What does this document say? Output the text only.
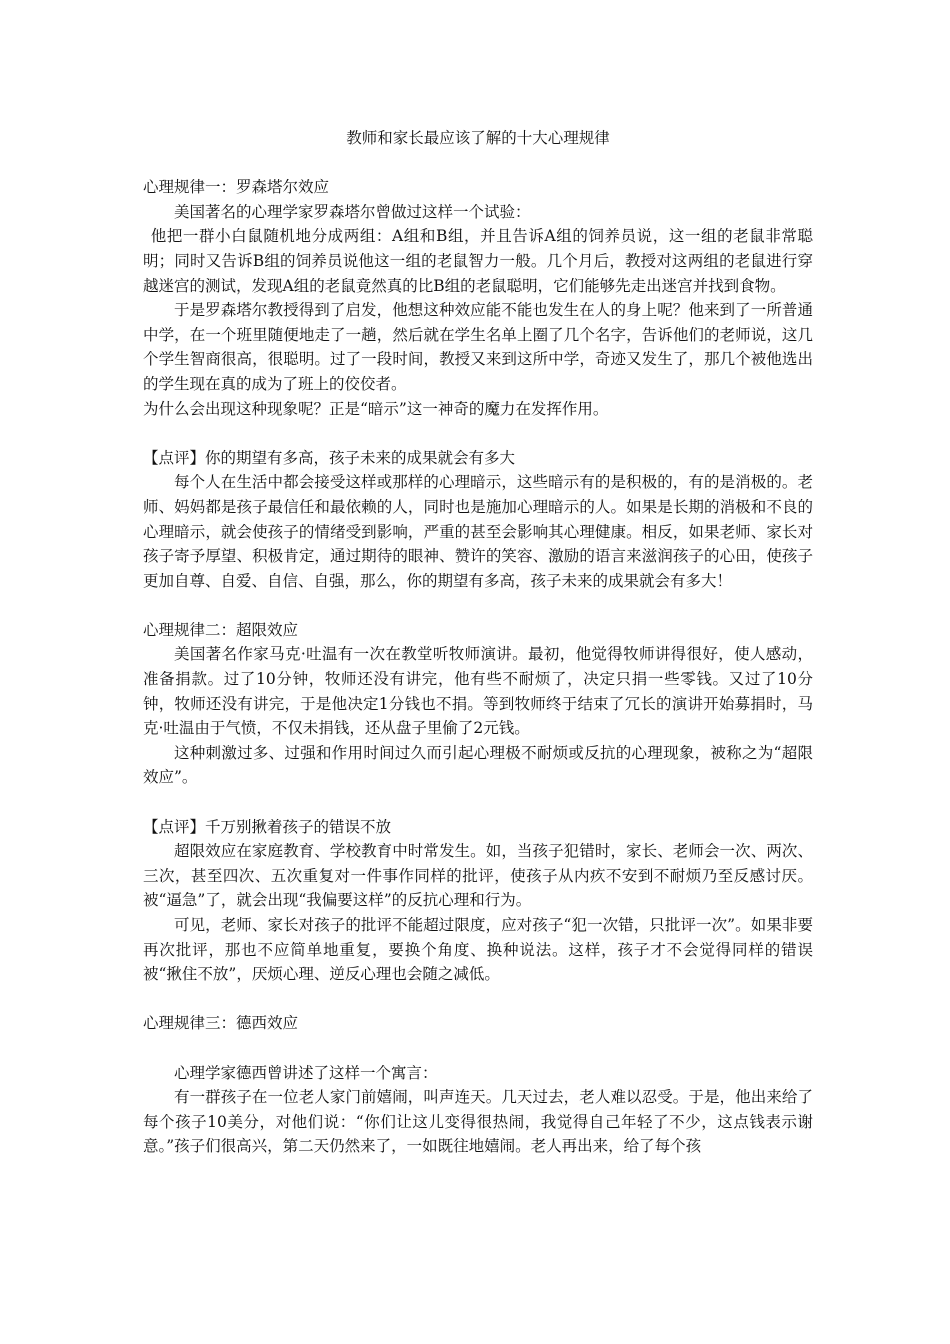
教师和家长最应该了解的十大心理规律

心理规律一：罗森塔尔效应

美国著名的心理学家罗森塔尔曾做过这样一个试验：

他把一群小白鼠随机地分成两组：A组和B组，并且告诉A组的饲养员说，这一组的老鼠非常聪明；同时又告诉B组的饲养员说他这一组的老鼠智力一般。几个月后，教授对这两组的老鼠进行穿越迷宫的测试，发现A组的老鼠竟然真的比B组的老鼠聪明，它们能够先走出迷宫并找到食物。

于是罗森塔尔教授得到了启发，他想这种效应能不能也发生在人的身上呢？他来到了一所普通中学，在一个班里随便地走了一趟，然后就在学生名单上圈了几个名字，告诉他们的老师说，这几个学生智商很高，很聪明。过了一段时间，教授又来到这所中学，奇迹又发生了，那几个被他选出的学生现在真的成为了班上的佼佼者。

为什么会出现这种现象呢？正是“暗示”这一神奇的魔力在发挥作用。

【点评】你的期望有多高，孩子未来的成果就会有多大

每个人在生活中都会接受这样或那样的心理暗示，这些暗示有的是积极的，有的是消极的。老师、妈妈都是孩子最信任和最依赖的人，同时也是施加心理暗示的人。如果是长期的消极和不良的心理暗示，就会使孩子的情绪受到影响，严重的甚至会影响其心理健康。相反，如果老师、家长对孩子寄予厚望、积极肯定，通过期待的眼神、赞许的笑容、激励的语言来滋润孩子的心田，使孩子更加自尊、自爱、自信、自强，那么，你的期望有多高，孩子未来的成果就会有多大！

心理规律二：超限效应

美国著名作家马克·吐温有一次在教堂听牧师演讲。最初，他觉得牧师讲得很好，使人感动，准备捐款。过了10分钟，牧师还没有讲完，他有些不耐烦了，决定只捐一些零钱。又过了10分钟，牧师还没有讲完，于是他决定1分钱也不捐。等到牧师终于结束了冗长的演讲开始募捐时，马克·吐温由于气愤，不仅未捐钱，还从盘子里偷了2元钱。

这种刺激过多、过强和作用时间过久而引起心理极不耐烦或反抗的心理现象，被称之为“超限效应”。

【点评】千万别揪着孩子的错误不放

超限效应在家庭教育、学校教育中时常发生。如，当孩子犯错时，家长、老师会一次、两次、三次，甚至四次、五次重复对一件事作同样的批评，使孩子从内疚不安到不耐烦乃至反感讨厌。被“逼急”了，就会出现“我偏要这样”的反抗心理和行为。

可见，老师、家长对孩子的批评不能超过限度，应对孩子“犯一次错，只批评一次”。如果非要再次批评，那也不应简单地重复，要换个角度、换种说法。这样，孩子才不会觉得同样的错误被“揪住不放”，厌烦心理、逆反心理也会随之减低。

心理规律三：德西效应

心理学家德西曾讲述了这样一个寓言：

有一群孩子在一位老人家门前嬉闹，叫声连天。几天过去，老人难以忍受。于是，他出来给了每个孩子10美分，对他们说：“你们让这儿变得很热闹，我觉得自己年轻了不少，这点钱表示谢意。”孩子们很高兴，第二天仍然来了，一如既往地嬉闹。老人再出来，给了每个孩
